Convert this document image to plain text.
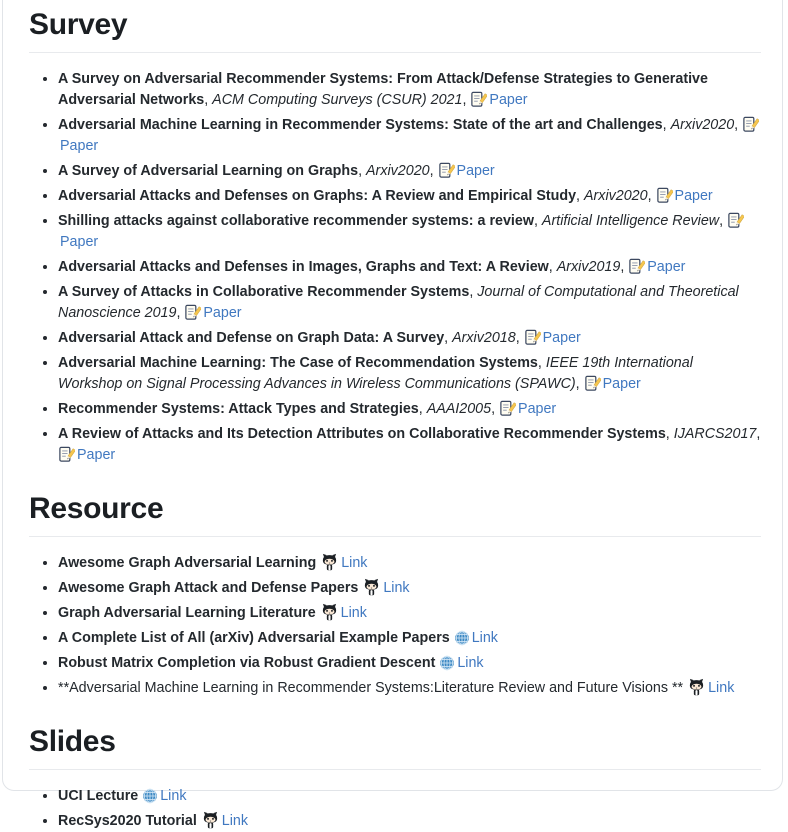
Survey
• A Survey on Adversarial Recommender Systems: From Attack/Defense Strategies to Generative Adversarial Networks, ACM Computing Surveys (CSUR) 2021, Paper
• Adversarial Machine Learning in Recommender Systems: State of the art and Challenges, Arxiv2020, Paper
• A Survey of Adversarial Learning on Graphs, Arxiv2020, Paper
• Adversarial Attacks and Defenses on Graphs: A Review and Empirical Study, Arxiv2020, Paper
• Shilling attacks against collaborative recommender systems: a review, Artificial Intelligence Review, Paper
• Adversarial Attacks and Defenses in Images, Graphs and Text: A Review, Arxiv2019, Paper
• A Survey of Attacks in Collaborative Recommender Systems, Journal of Computational and Theoretical Nanoscience 2019, Paper
• Adversarial Attack and Defense on Graph Data: A Survey, Arxiv2018, Paper
• Adversarial Machine Learning: The Case of Recommendation Systems, IEEE 19th International Workshop on Signal Processing Advances in Wireless Communications (SPAWC), Paper
• Recommender Systems: Attack Types and Strategies, AAAI2005, Paper
• A Review of Attacks and Its Detection Attributes on Collaborative Recommender Systems, IJARCS2017, Paper
Resource
• Awesome Graph Adversarial Learning Link
• Awesome Graph Attack and Defense Papers Link
• Graph Adversarial Learning Literature Link
• A Complete List of All (arXiv) Adversarial Example Papers Link
• Robust Matrix Completion via Robust Gradient Descent Link
• **Adversarial Machine Learning in Recommender Systems:Literature Review and Future Visions ** Link
Slides
• UCI Lecture Link
• RecSys2020 Tutorial Link
